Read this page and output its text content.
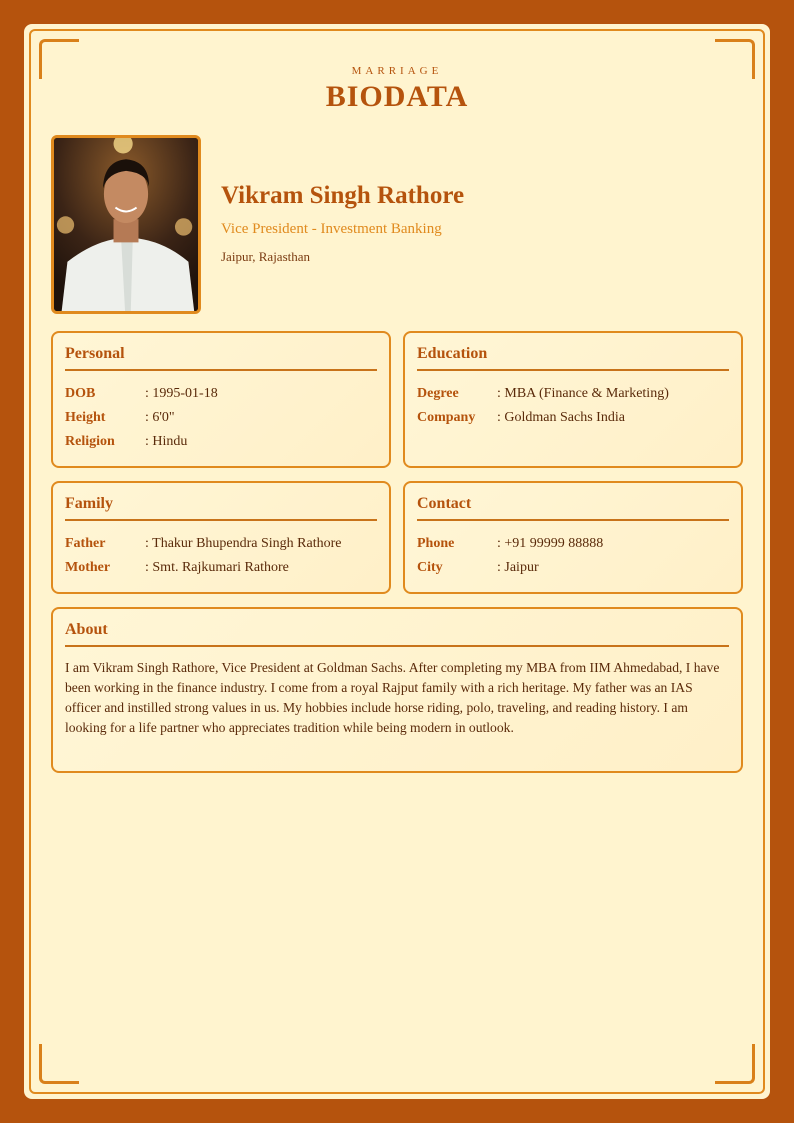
MARRIAGE
BIODATA
Vikram Singh Rathore
Vice President - Investment Banking
Jaipur, Rajasthan
Personal
DOB	: 1995-01-18
Height	: 6'0"
Religion	: Hindu
Education
Degree	: MBA (Finance & Marketing)
Company	: Goldman Sachs India
Family
Father	: Thakur Bhupendra Singh Rathore
Mother	: Smt. Rajkumari Rathore
Contact
Phone	: +91 99999 88888
City	: Jaipur
About

I am Vikram Singh Rathore, Vice President at Goldman Sachs. After completing my MBA from IIM Ahmedabad, I have been working in the finance industry. I come from a royal Rajput family with a rich heritage. My father was an IAS officer and instilled strong values in us. My hobbies include horse riding, polo, traveling, and reading history. I am looking for a life partner who appreciates tradition while being modern in outlook.
